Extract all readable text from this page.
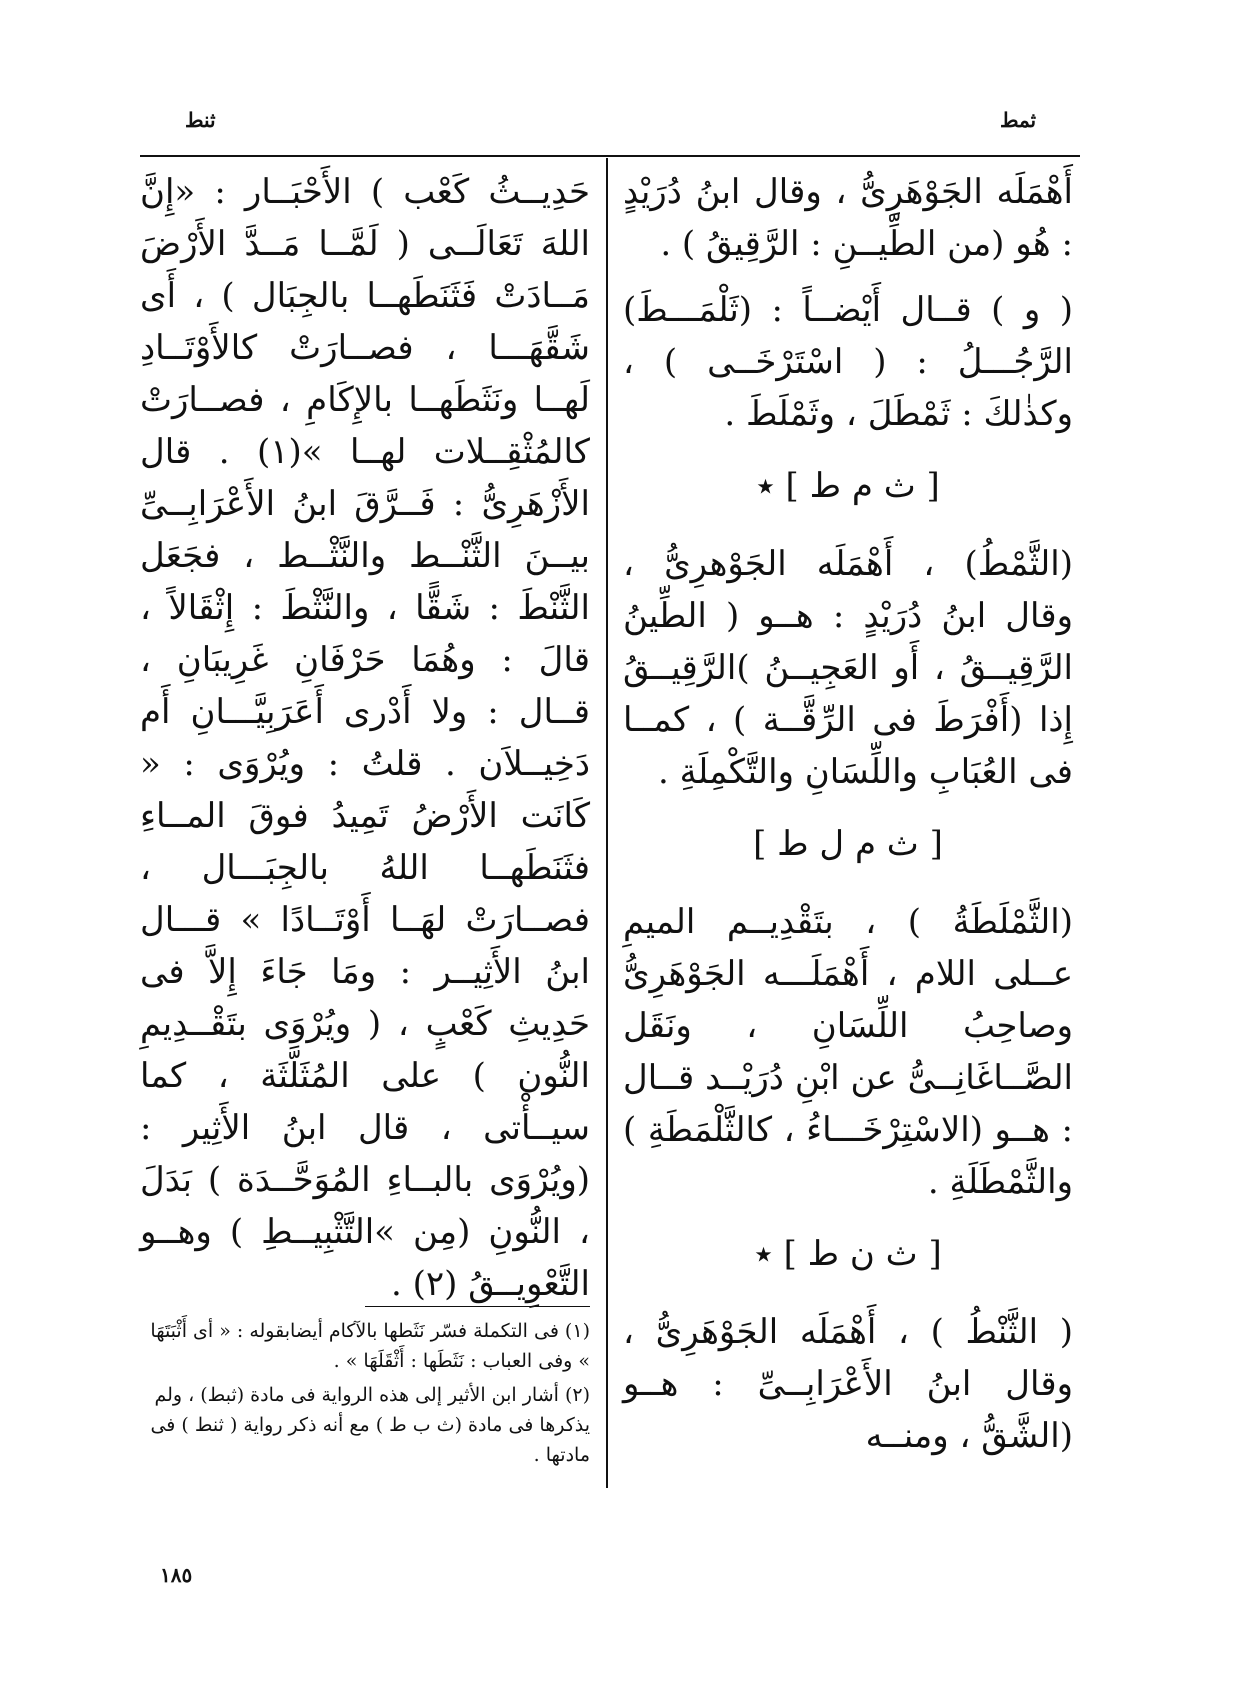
ثمط
ثنط

أَهْمَلَه الجَوْهَرِىُّ ، وقال ابنُ دُرَيْدٍ : هُو (من الطِّيــنِ : الرَّقِيقُ ) .

( و ) قــال أَيْضــاً : (ثَلْمَـــطَ) الرَّجُـــلُ : ( اسْتَرْخَــى ) ، وكذٰلكَ : ثَمْطَلَ ، وثَمْلَطَ .

[ ث م ط ] ٭

(الثَّمْطُ) ، أَهْمَلَه الجَوْهرِىُّ ، وقال ابنُ دُرَيْدٍ : هــو ( الطِّينُ الرَّقِيــقُ ، أَو العَجِيــنُ )الرَّقِيــقُ إِذا (أَفْرَطَ فى الرِّقَّــة ) ، كمــا فى العُبَابِ واللِّسَانِ والتَّكْمِلَةِ .

[ ث م ل ط ]

(الثَّمْلَطَةُ ) ، بتَقْدِيــم الميمِ عــلى اللام ، أَهْمَلَـــه الجَوْهَرِىُّ وصاحِبُ اللِّسَانِ ، ونَقَل الصَّــاغَانِــىُّ عن ابْنِ دُرَيْــد قــال : هــو (الاسْتِرْخَـــاءُ ، كالثَّلْمَطَةِ ) والثَّمْطَلَةِ .

[ ث ن ط ] ٭

( الثَّنْطُ ) ، أَهْمَلَه الجَوْهَرِىُّ ، وقال ابنُ الأَعْرَابِــىِّ : هــو (الشَّقُّ ، ومنــه

حَدِيــثُ كَعْب ) الأَحْبَــار : «إِنَّ اللهَ تَعَالَــى ( لَمَّــا مَــدَّ الأَرْضَ مَــادَتْ فَثَنَطَهــا بالجِبَال ) ، أَى شَقَّهَـــا ، فصــارَتْ كالأَوْتَــادِ لَهــا ونَثَطَهــا بالإِكَامِ ، فصــارَتْ كالمُثْقِــلات لهــا »(١) . قال الأَزْهَرِىُّ : فَــرَّقَ ابنُ الأَعْرَابِــىِّ بيــنَ الثَّنْــط والنَّثْــط ، فجَعَل الثَّنْطَ : شَقًّا ، والنَّثْطَ : إِثْقَالاً ، قالَ : وهُمَا حَرْفَانِ غَرِيبَانِ ، قــال : ولا أَدْرى أَعَرَبِيَّـــانِ أَم دَخِيــلاَن . قلتُ : ويُرْوَى : « كَانَت الأَرْضُ تَمِيدُ فوقَ المــاءِ فثَنَطَهــا اللهُ بالجِبَـــال ، فصــارَتْ لهَــا أَوْتَــادًا » قـــال ابنُ الأَثِيــر : ومَا جَاءَ إِلاَّ فى حَدِيثِ كَعْبٍ ، ( ويُرْوَى بتَقْــدِيمِ النُّون ) على المُثَلَّثَة ، كما سيــأْتى ، قال ابنُ الأَثِير : (ويُرْوَى بالبــاءِ المُوَحَّــدَة ) بَدَلَ ، النُّونِ (مِن »التَّثْبِيــطِ ) وهــو التَّعْوِيــقُ (٢) .

(١) فى التكملة فسّر نَثَطها بالآكام أيضابقوله : « أى أَثْبَتَهَا » وفى العباب : نَثَطَها : أَثْقَلَهَا » .

(٢) أشار ابن الأثير إلى هذه الرواية فى مادة (ثبط) ، ولم يذكرها فى مادة (ث ب ط ) مع أنه ذكر رواية ( ثنط ) فى مادتها .

١٨٥
